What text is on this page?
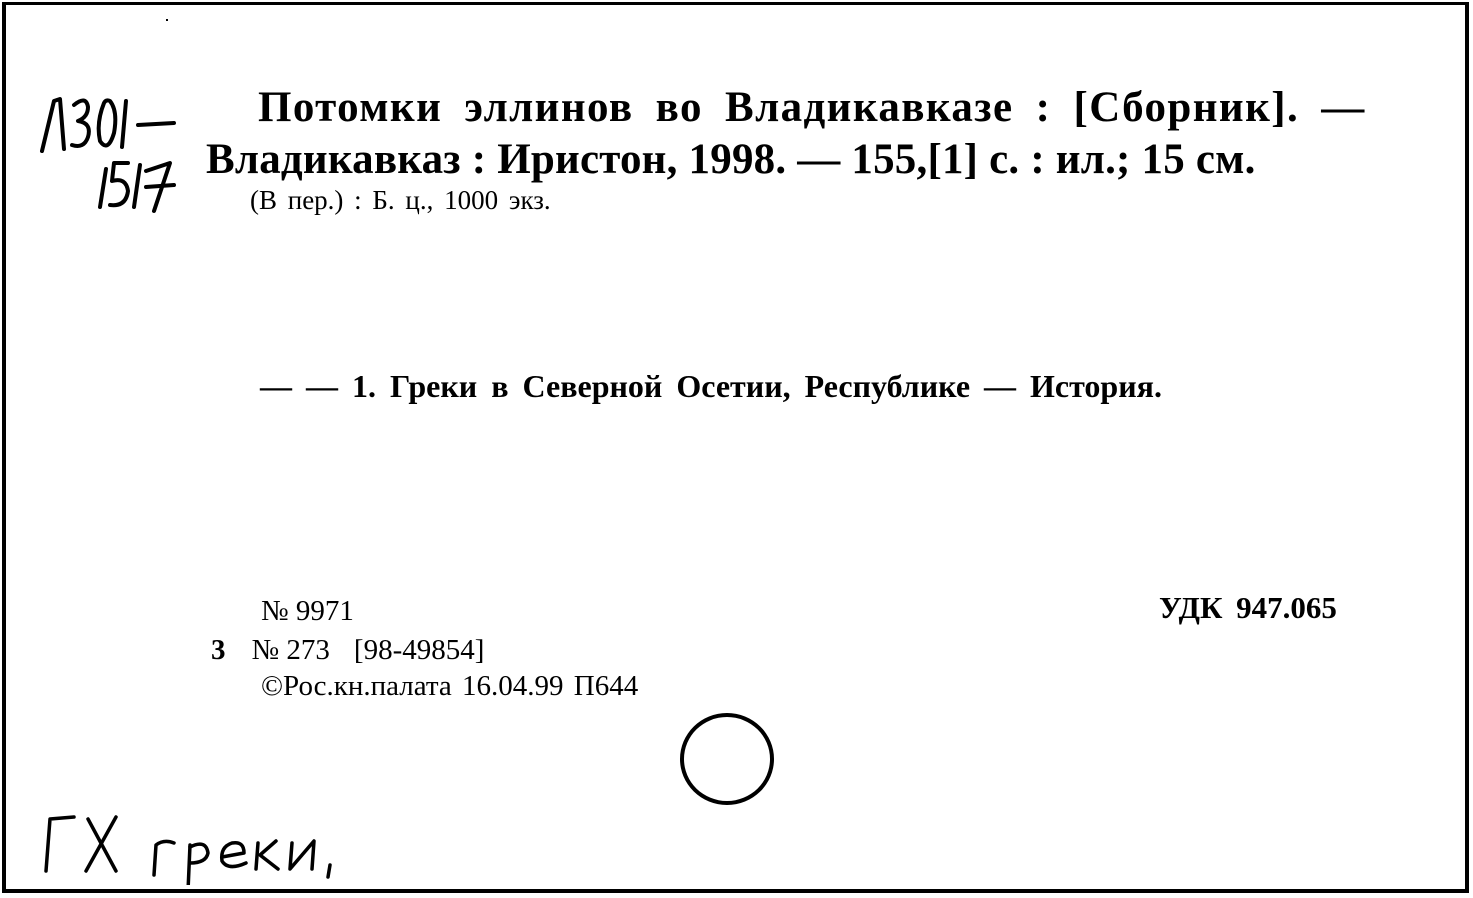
Потомки эллинов во Владикавказе : [Сборник]. —
Владикавказ : Иристон, 1998. — 155,[1] с. : ил.; 15 см.
(В пер.) : Б. ц., 1000 экз.
— — 1. Греки в Северной Осетии, Республике — История.
№ 9971	УДК 947.065
3 № 273 [98-49854]
©Рос.кн.палата 16.04.99 П644
